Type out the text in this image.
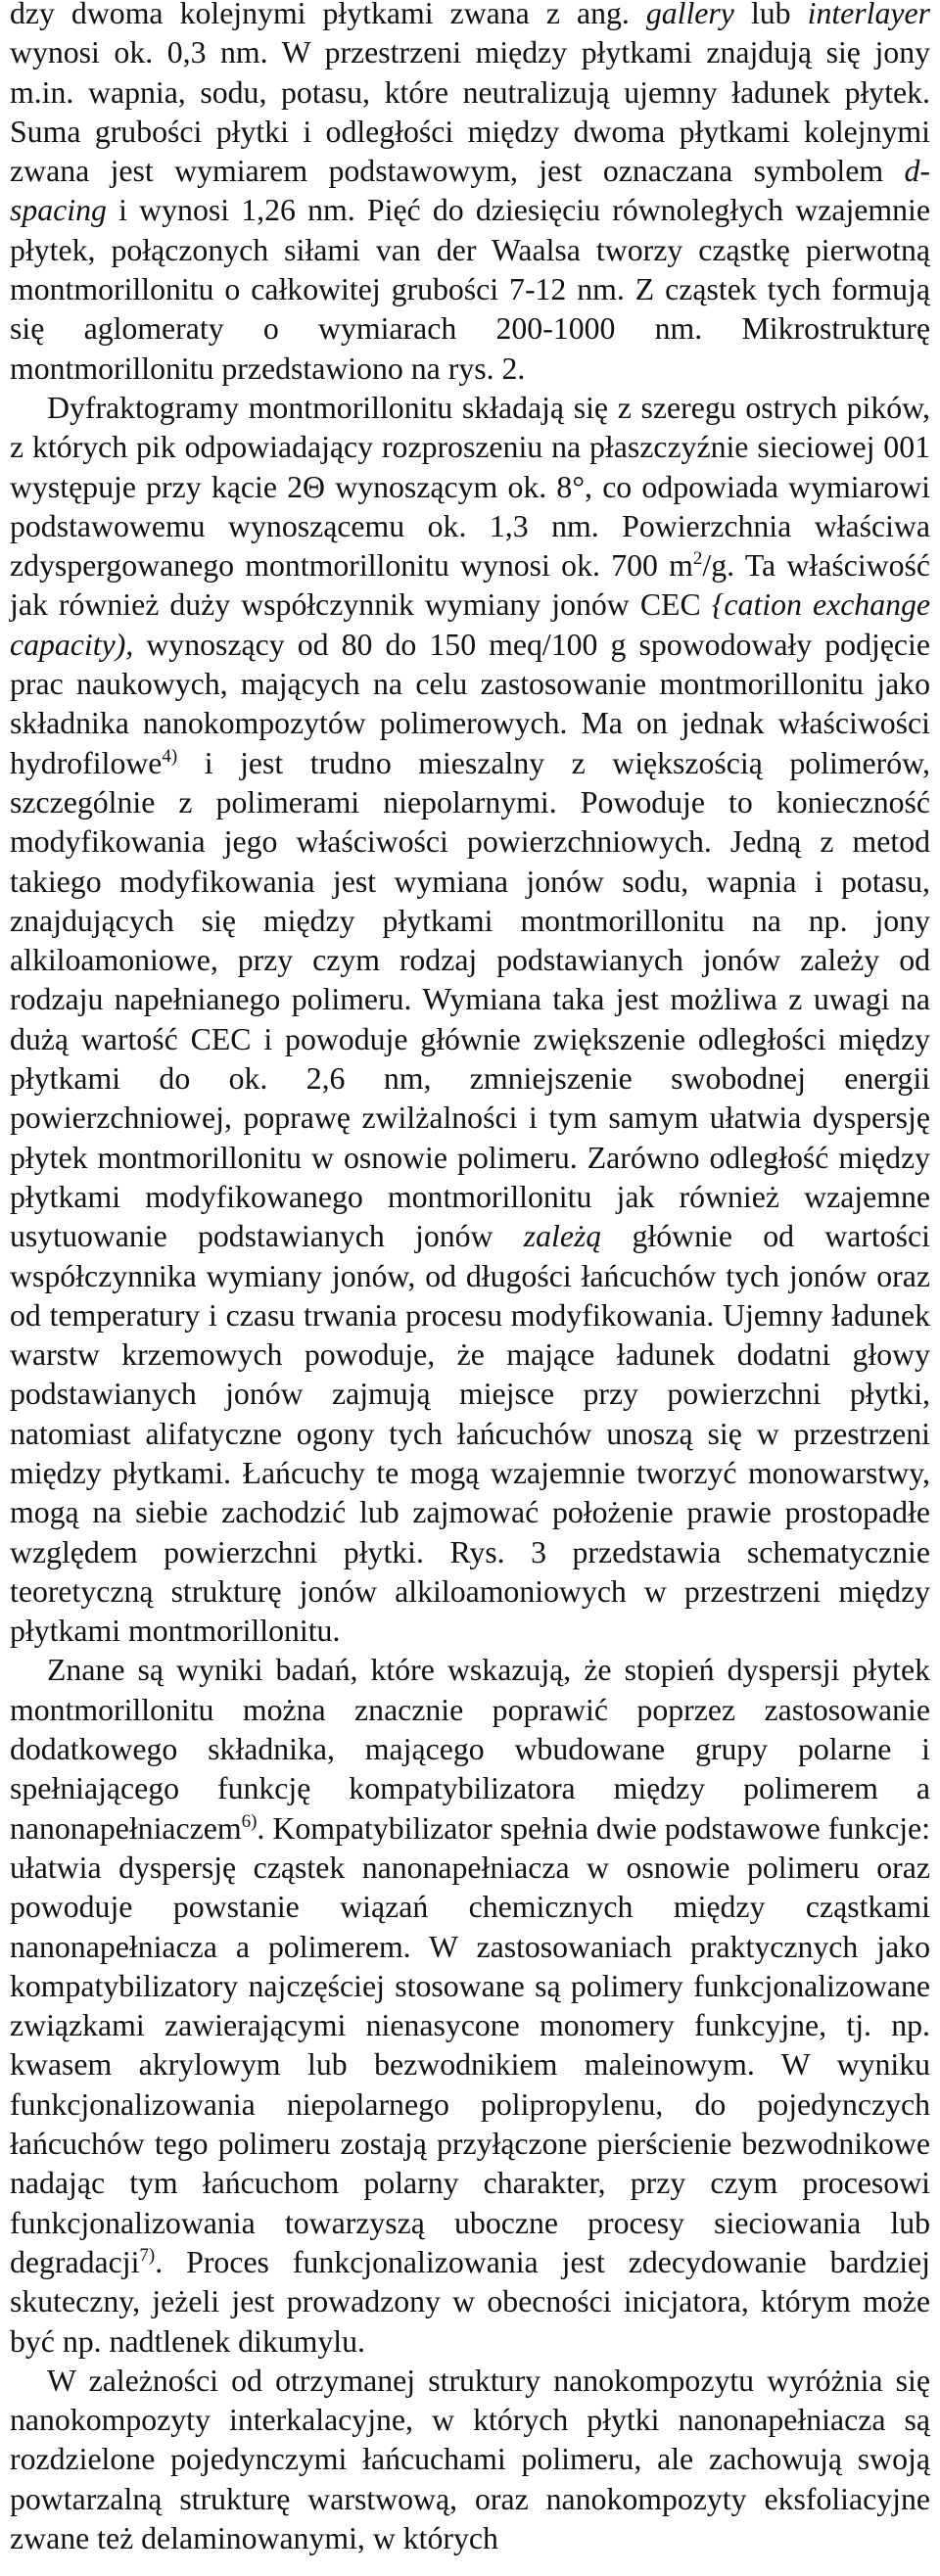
dzy dwoma kolejnymi płytkami zwana z ang. gallery lub interlayer wynosi ok. 0,3 nm. W przestrzeni między płytkami znajdują się jony m.in. wapnia, sodu, potasu, które neutralizują ujemny ładunek płytek. Suma grubości płytki i odległości między dwoma płytkami kolejnymi zwana jest wymiarem podstawowym, jest oznaczana symbolem d-spacing i wynosi 1,26 nm. Pięć do dziesięciu równoległych wzajemnie płytek, połączonych siłami van der Waalsa tworzy cząstkę pierwotną montmorillonitu o całkowitej grubości 7-12 nm. Z cząstek tych formują się aglomeraty o wymiarach 200-1000 nm. Mikrostrukturę montmorillonitu przedstawiono na rys. 2.

Dyfraktogramy montmorillonitu składają się z szeregu ostrych pików, z których pik odpowiadający rozproszeniu na płaszczyźnie sieciowej 001 występuje przy kącie 2Θ wynoszącym ok. 8°, co odpowiada wymiarowi podstawowemu wynoszącemu ok. 1,3 nm. Powierzchnia właściwa zdyspergowanego montmorillonitu wynosi ok. 700 $m^2/g$. Ta właściwość jak również duży współczynnik wymiany jonów CEC {cation exchange capacity), wynoszący od 80 do 150 meq/100 g spowodowały podjęcie prac naukowych, mających na celu zastosowanie montmorillonitu jako składnika nanokompozytów polimerowych. Ma on jednak właściwości hydrofilowe$^{4)}$ i jest trudno mieszalny z większością polimerów, szczególnie z polimerami niepolarnymi. Powoduje to konieczność modyfikowania jego właściwości powierzchniowych. Jedną z metod takiego modyfikowania jest wymiana jonów sodu, wapnia i potasu, znajdujących się między płytkami montmorillonitu na np. jony alkiloamoniowe, przy czym rodzaj podstawianych jonów zależy od rodzaju napełnianego polimeru. Wymiana taka jest możliwa z uwagi na dużą wartość CEC i powoduje głównie zwiększenie odległości między płytkami do ok. 2,6 nm, zmniejszenie swobodnej energii powierzchniowej, poprawę zwilżalności i tym samym ułatwia dyspersję płytek montmorillonitu w osnowie polimeru. Zarówno odległość między płytkami modyfikowanego montmorillonitu jak również wzajemne usytuowanie podstawianych jonów zależą głównie od wartości współczynnika wymiany jonów, od długości łańcuchów tych jonów oraz od temperatury i czasu trwania procesu modyfikowania. Ujemny ładunek warstw krzemowych powoduje, że mające ładunek dodatni głowy podstawianych jonów zajmują miejsce przy powierzchni płytki, natomiast alifatyczne ogony tych łańcuchów unoszą się w przestrzeni między płytkami. Łańcuchy te mogą wzajemnie tworzyć monowarstwy, mogą na siebie zachodzić lub zajmować położenie prawie prostopadłe względem powierzchni płytki. Rys. 3 przedstawia schematycznie teoretyczną strukturę jonów alkiloamoniowych w przestrzeni między płytkami montmorillonitu.

Znane są wyniki badań, które wskazują, że stopień dyspersji płytek montmorillonitu można znacznie poprawić poprzez zastosowanie dodatkowego składnika, mającego wbudowane grupy polarne i spełniającego funkcję kompatybilizatora między polimerem a nanonapełniaczem$^{6)}$. Kompatybilizator spełnia dwie podstawowe funkcje: ułatwia dyspersję cząstek nanonapełniacza w osnowie polimeru oraz powoduje powstanie wiązań chemicznych między cząstkami nanonapełniacza a polimerem. W zastosowaniach praktycznych jako kompatybilizatory najczęściej stosowane są polimery funkcjonalizowane związkami zawierającymi nienasycone monomery funkcyjne, tj. np. kwasem akrylowym lub bezwodnikiem maleinowym. W wyniku funkcjonalizowania niepolarnego polipropylenu, do pojedynczych łańcuchów tego polimeru zostają przyłączone pierścienie bezwodnikowe nadając tym łańcuchom polarny charakter, przy czym procesowi funkcjonalizowania towarzyszą uboczne procesy sieciowania lub degradacji$^{7)}$. Proces funkcjonalizowania jest zdecydowanie bardziej skuteczny, jeżeli jest prowadzony w obecności inicjatora, którym może być np. nadtlenek dikumylu.

W zależności od otrzymanej struktury nanokompozytu wyróżnia się nanokompozyty interkalacyjne, w których płytki nanonapełniacza są rozdzielone pojedynczymi łańcuchami polimeru, ale zachowują swoją powtarzalną strukturę warstwową, oraz nanokompozyty eksfoliacyjne zwane też delaminowanymi, w których
